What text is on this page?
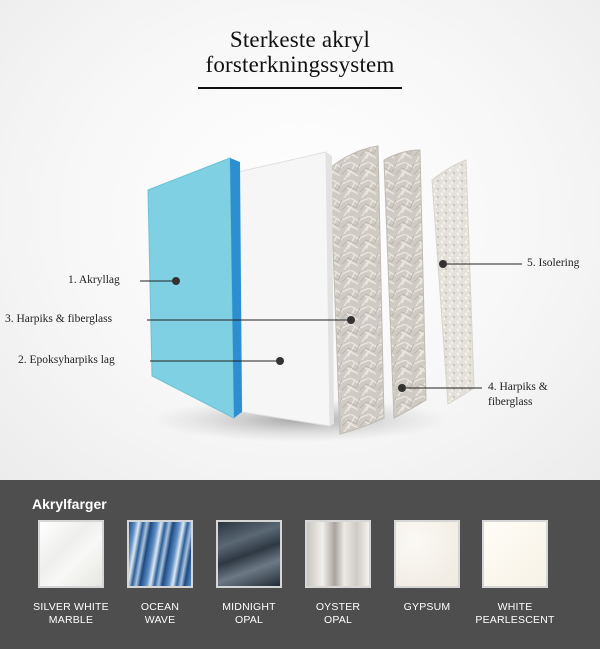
Sterkeste akryl
forsterkningssystem
1. Akryllag
3. Harpiks & fiberglass
2. Epoksyharpiks lag
5. Isolering
4. Harpiks &
fiberglass
Akrylfarger
SILVER WHITE
MARBLE
OCEAN
WAVE
MIDNIGHT
OPAL
OYSTER
OPAL
GYPSUM	WHITE
PEARLESCENT
